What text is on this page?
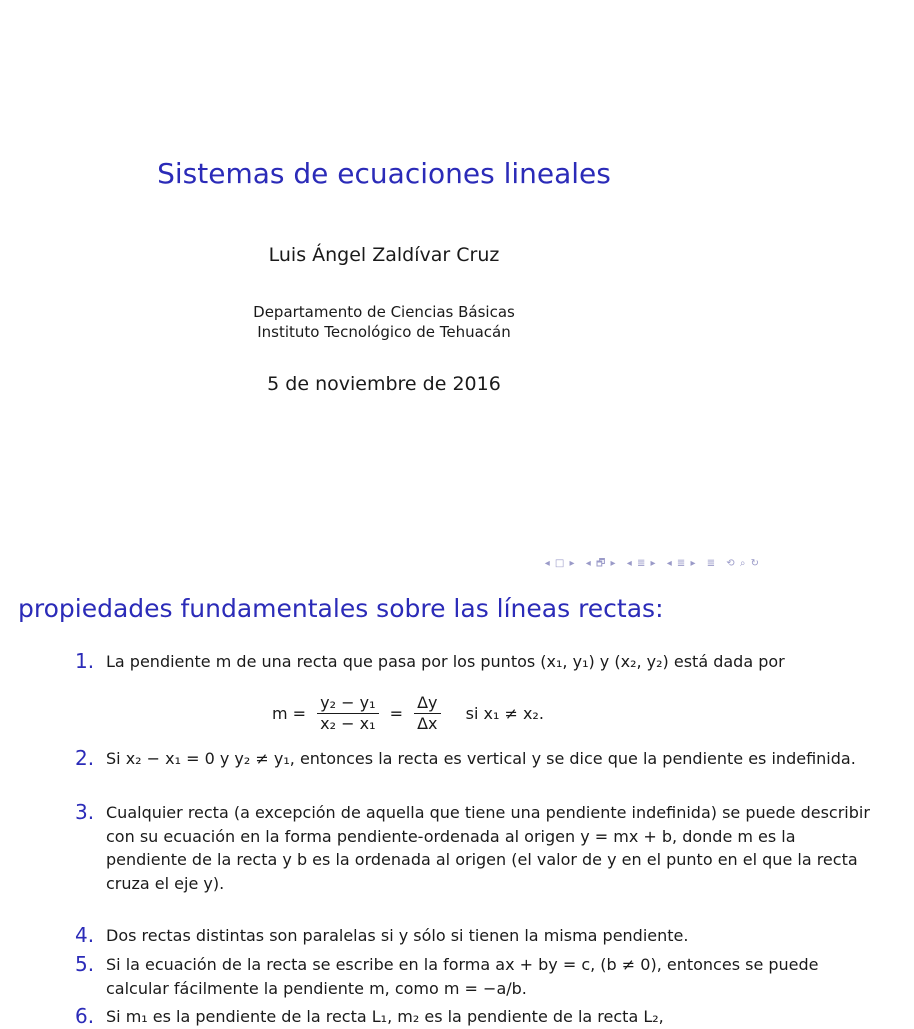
Sistemas de ecuaciones lineales
Luis Ángel Zaldívar Cruz
Departamento de Ciencias Básicas
Instituto Tecnológico de Tehuacán
5 de noviembre de 2016
◂ □ ▸ ◂ 🗗 ▸ ◂ ≣ ▸ ◂ ≣ ▸ ≣ ⟲ ⌕ ↻
propiedades fundamentales sobre las líneas rectas:
1. La pendiente m de una recta que pasa por los puntos (x₁, y₁) y (x₂, y₂) está dada por
$m = \frac{\text{y₂ − y₁}}{\text{x₂ − x₁}} = \frac{\Delta y}{\Delta x}$ si x₁ ≠ x₂.
2. Si x₂ − x₁ = 0 y y₂ ≠ y₁, entonces la recta es vertical y se dice que la pendiente es indefinida.
3. Cualquier recta (a excepción de aquella que tiene una pendiente indefinida) se puede describir con su ecuación en la forma pendiente-ordenada al origen y = mx + b, donde m es la pendiente de la recta y b es la ordenada al origen (el valor de y en el punto en el que la recta cruza el eje y).
4. Dos rectas distintas son paralelas si y sólo si tienen la misma pendiente.
5. Si la ecuación de la recta se escribe en la forma ax + by = c, (b ≠ 0), entonces se puede calcular fácilmente la pendiente m, como m = −a/b.
6. Si m₁ es la pendiente de la recta L₁, m₂ es la pendiente de la recta L₂,
